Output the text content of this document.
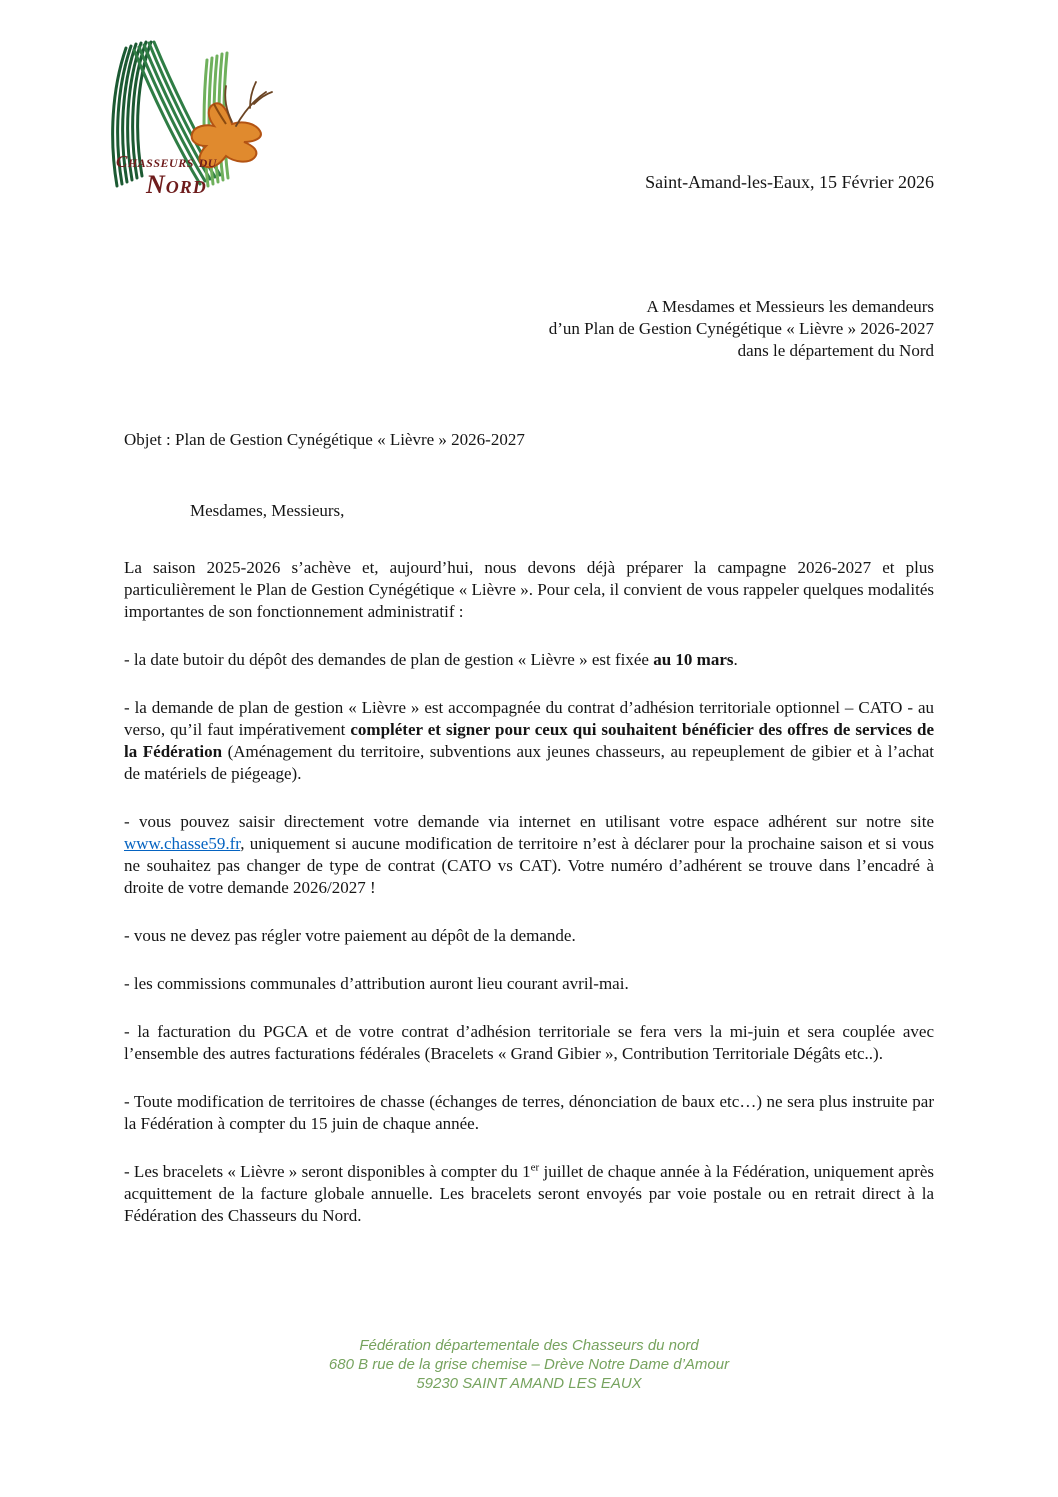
Chasseurs du
Nord	Saint-Amand-les-Eaux, 15 Février 2026
A Mesdames et Messieurs les demandeurs
d’un Plan de Gestion Cynégétique « Lièvre » 2026-2027
dans le département du Nord
Objet : Plan de Gestion Cynégétique « Lièvre » 2026-2027
Mesdames, Messieurs,

La saison 2025-2026 s’achève et, aujourd’hui, nous devons déjà préparer la campagne 2026-2027 et plus particulièrement le Plan de Gestion Cynégétique « Lièvre ». Pour cela, il convient de vous rappeler quelques modalités importantes de son fonctionnement administratif :

- la date butoir du dépôt des demandes de plan de gestion « Lièvre » est fixée au 10 mars.

- la demande de plan de gestion « Lièvre » est accompagnée du contrat d’adhésion territoriale optionnel – CATO - au verso, qu’il faut impérativement compléter et signer pour ceux qui souhaitent bénéficier des offres de services de la Fédération (Aménagement du territoire, subventions aux jeunes chasseurs, au repeuplement de gibier et à l’achat de matériels de piégeage).

- vous pouvez saisir directement votre demande via internet en utilisant votre espace adhérent sur notre site www.chasse59.fr, uniquement si aucune modification de territoire n’est à déclarer pour la prochaine saison et si vous ne souhaitez pas changer de type de contrat (CATO vs CAT). Votre numéro d’adhérent se trouve dans l’encadré à droite de votre demande 2026/2027 !

- vous ne devez pas régler votre paiement au dépôt de la demande.

- les commissions communales d’attribution auront lieu courant avril-mai.

- la facturation du PGCA et de votre contrat d’adhésion territoriale se fera vers la mi-juin et sera couplée avec l’ensemble des autres facturations fédérales (Bracelets « Grand Gibier », Contribution Territoriale Dégâts etc..).

- Toute modification de territoires de chasse (échanges de terres, dénonciation de baux etc…) ne sera plus instruite par la Fédération à compter du 15 juin de chaque année.

- Les bracelets « Lièvre » seront disponibles à compter du 1er juillet de chaque année à la Fédération, uniquement après acquittement de la facture globale annuelle. Les bracelets seront envoyés par voie postale ou en retrait direct à la Fédération des Chasseurs du Nord.

Fédération départementale des Chasseurs du nord
680 B rue de la grise chemise – Drève Notre Dame d’Amour
59230 SAINT AMAND LES EAUX
